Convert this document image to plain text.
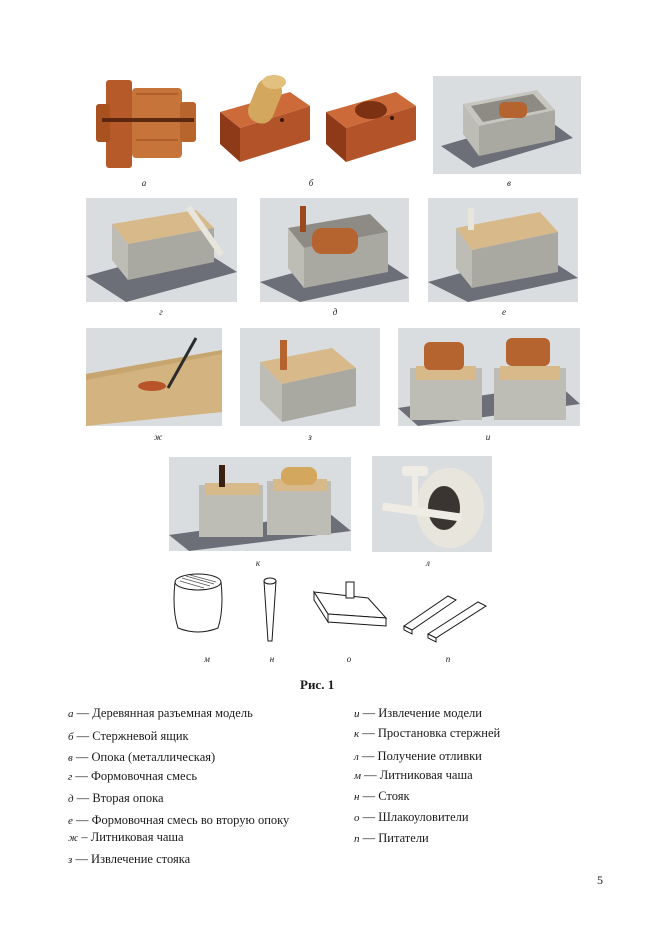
а	б	в
г	д	е
ж	з	и
к	л
м	н	о	п
Рис. 1
а — Деревянная разъемная модель
б — Стержневой ящик
в — Опока (металлическая)
г — Формовочная смесь
д — Вторая опока
е — Формовочная смесь во вторую опоку
ж – Литниковая чаша
з — Извлечение стояка
и — Извлечение модели
к — Простановка стержней
л — Получение отливки
м — Литниковая чаша
н — Стояк
о — Шлакоуловители
п — Питатели
5
